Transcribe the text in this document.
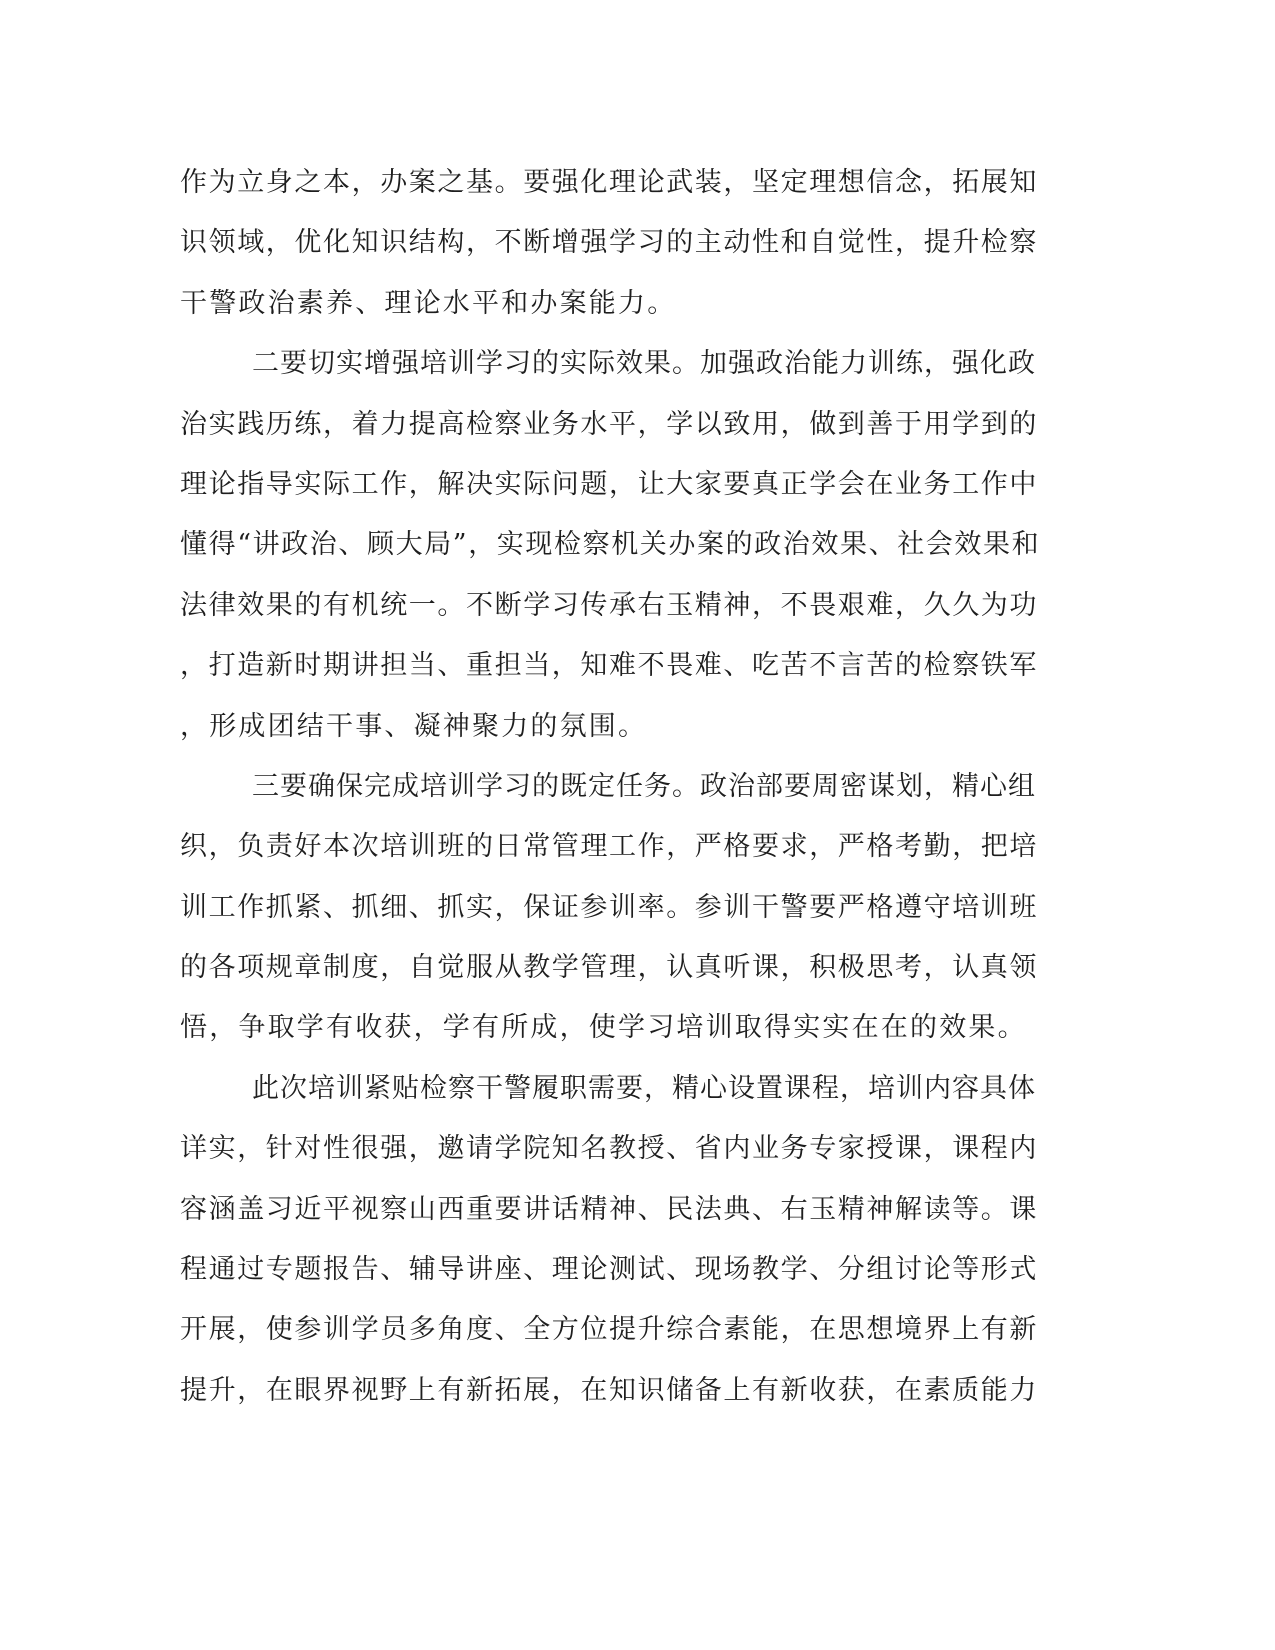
作为立身之本，办案之基。要强化理论武装，坚定理想信念，拓展知
识领域，优化知识结构，不断增强学习的主动性和自觉性，提升检察
干警政治素养、理论水平和办案能力。
二要切实增强培训学习的实际效果。加强政治能力训练，强化政
治实践历练，着力提高检察业务水平，学以致用，做到善于用学到的
理论指导实际工作，解决实际问题，让大家要真正学会在业务工作中
懂得“讲政治、顾大局”，实现检察机关办案的政治效果、社会效果和
法律效果的有机统一。不断学习传承右玉精神，不畏艰难，久久为功
，打造新时期讲担当、重担当，知难不畏难、吃苦不言苦的检察铁军
，形成团结干事、凝神聚力的氛围。
三要确保完成培训学习的既定任务。政治部要周密谋划，精心组
织，负责好本次培训班的日常管理工作，严格要求，严格考勤，把培
训工作抓紧、抓细、抓实，保证参训率。参训干警要严格遵守培训班
的各项规章制度，自觉服从教学管理，认真听课，积极思考，认真领
悟，争取学有收获，学有所成，使学习培训取得实实在在的效果。
此次培训紧贴检察干警履职需要，精心设置课程，培训内容具体
详实，针对性很强，邀请学院知名教授、省内业务专家授课，课程内
容涵盖习近平视察山西重要讲话精神、民法典、右玉精神解读等。课
程通过专题报告、辅导讲座、理论测试、现场教学、分组讨论等形式
开展，使参训学员多角度、全方位提升综合素能，在思想境界上有新
提升，在眼界视野上有新拓展，在知识储备上有新收获，在素质能力
